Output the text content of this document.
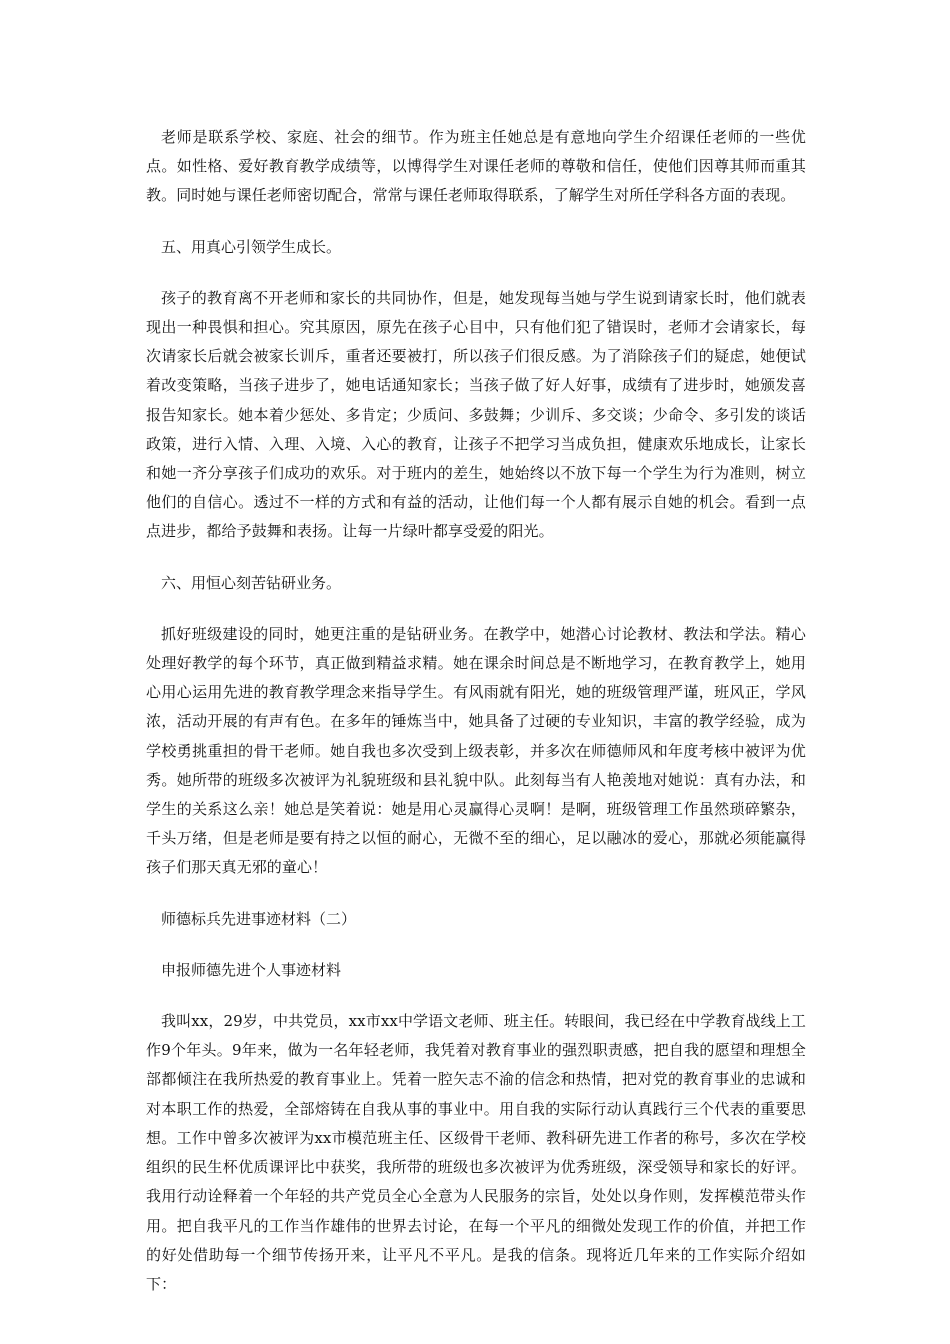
老师是联系学校、家庭、社会的细节。作为班主任她总是有意地向学生介绍课任老师的一些优点。如性格、爱好教育教学成绩等，以博得学生对课任老师的尊敬和信任，使他们因尊其师而重其教。同时她与课任老师密切配合，常常与课任老师取得联系，了解学生对所任学科各方面的表现。

五、用真心引领学生成长。

孩子的教育离不开老师和家长的共同协作，但是，她发现每当她与学生说到请家长时，他们就表现出一种畏惧和担心。究其原因，原先在孩子心目中，只有他们犯了错误时，老师才会请家长，每次请家长后就会被家长训斥，重者还要被打，所以孩子们很反感。为了消除孩子们的疑虑，她便试着改变策略，当孩子进步了，她电话通知家长；当孩子做了好人好事，成绩有了进步时，她颁发喜报告知家长。她本着少惩处、多肯定；少质问、多鼓舞；少训斥、多交谈；少命令、多引发的谈话政策，进行入情、入理、入境、入心的教育，让孩子不把学习当成负担，健康欢乐地成长，让家长和她一齐分享孩子们成功的欢乐。对于班内的差生，她始终以不放下每一个学生为行为准则，树立他们的自信心。透过不一样的方式和有益的活动，让他们每一个人都有展示自她的机会。看到一点点进步，都给予鼓舞和表扬。让每一片绿叶都享受爱的阳光。

六、用恒心刻苦钻研业务。

抓好班级建设的同时，她更注重的是钻研业务。在教学中，她潜心讨论教材、教法和学法。精心处理好教学的每个环节，真正做到精益求精。她在课余时间总是不断地学习，在教育教学上，她用心用心运用先进的教育教学理念来指导学生。有风雨就有阳光，她的班级管理严谨，班风正，学风浓，活动开展的有声有色。在多年的锤炼当中，她具备了过硬的专业知识，丰富的教学经验，成为学校勇挑重担的骨干老师。她自我也多次受到上级表彰，并多次在师德师风和年度考核中被评为优秀。她所带的班级多次被评为礼貌班级和县礼貌中队。此刻每当有人艳羡地对她说：真有办法，和学生的关系这么亲！她总是笑着说：她是用心灵赢得心灵啊！是啊，班级管理工作虽然琐碎繁杂，千头万绪，但是老师是要有持之以恒的耐心，无微不至的细心，足以融冰的爱心，那就必须能赢得孩子们那天真无邪的童心！

师德标兵先进事迹材料（二）

申报师德先进个人事迹材料

我叫xx，29岁，中共党员，xx市xx中学语文老师、班主任。转眼间，我已经在中学教育战线上工作9个年头。9年来，做为一名年轻老师，我凭着对教育事业的强烈职责感，把自我的愿望和理想全部都倾注在我所热爱的教育事业上。凭着一腔矢志不渝的信念和热情，把对党的教育事业的忠诚和对本职工作的热爱，全部熔铸在自我从事的事业中。用自我的实际行动认真践行三个代表的重要思想。工作中曾多次被评为xx市模范班主任、区级骨干老师、教科研先进工作者的称号，多次在学校组织的民生杯优质课评比中获奖，我所带的班级也多次被评为优秀班级，深受领导和家长的好评。我用行动诠释着一个年轻的共产党员全心全意为人民服务的宗旨，处处以身作则，发挥模范带头作用。把自我平凡的工作当作雄伟的世界去讨论，在每一个平凡的细微处发现工作的价值，并把工作的好处借助每一个细节传扬开来，让平凡不平凡。是我的信条。现将近几年来的工作实际介绍如下：
